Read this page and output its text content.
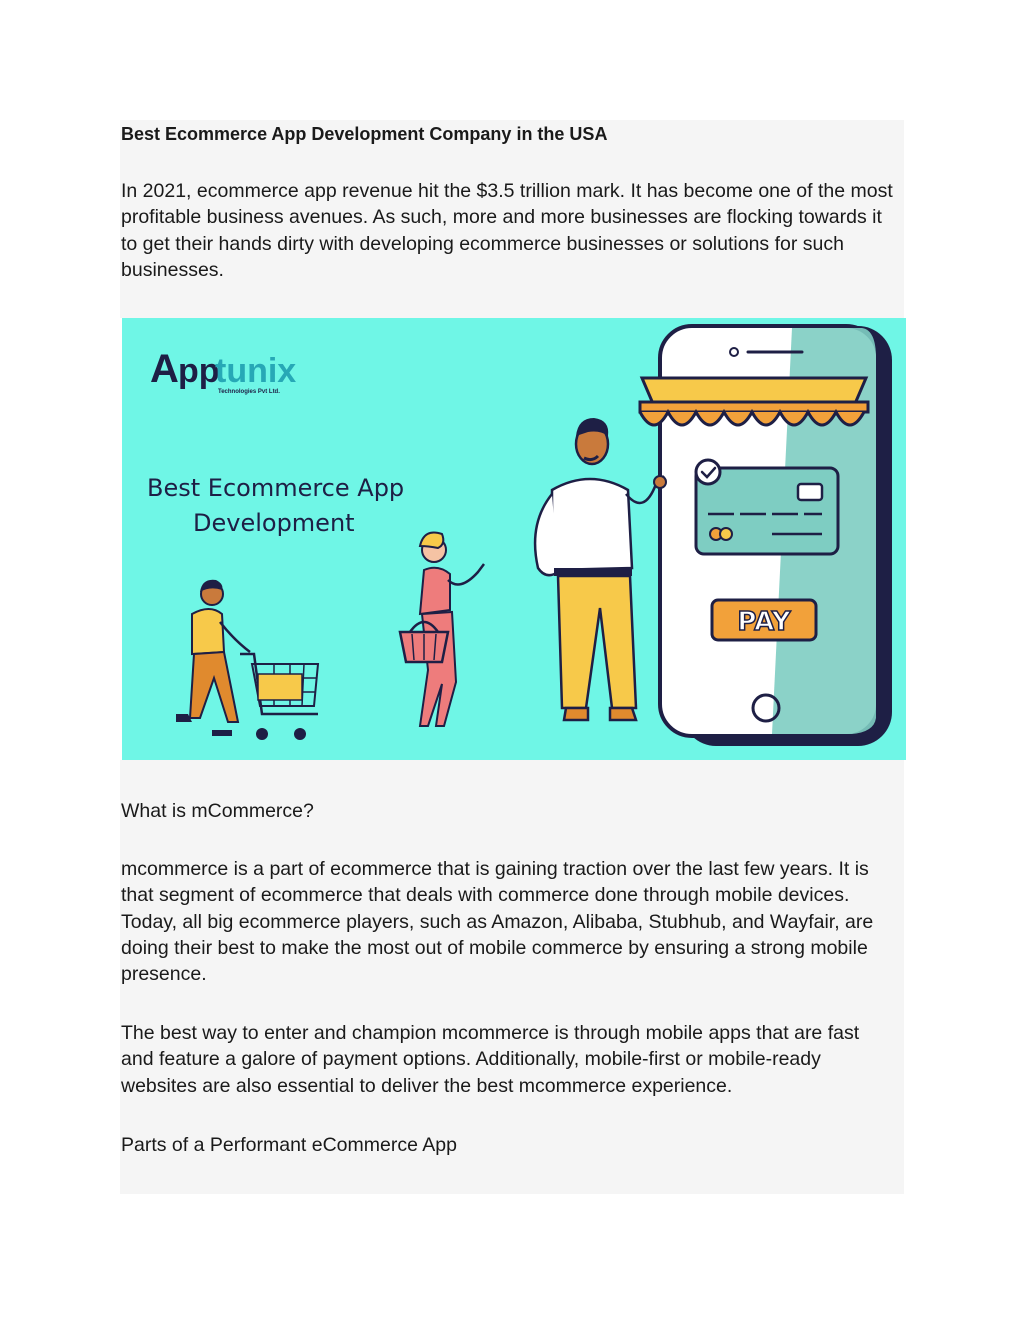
Best Ecommerce App Development Company in the USA

In 2021, ecommerce app revenue hit the $3.5 trillion mark. It has become one of the most profitable business avenues. As such, more and more businesses are flocking towards it to get their hands dirty with developing ecommerce businesses or solutions for such businesses.

A pp
tunix
Technologies Pvt Ltd.
Best Ecommerce App
Development
PAY

What is mCommerce?

mcommerce is a part of ecommerce that is gaining traction over the last few years. It is that segment of ecommerce that deals with commerce done through mobile devices. Today, all big ecommerce players, such as Amazon, Alibaba, Stubhub, and Wayfair, are doing their best to make the most out of mobile commerce by ensuring a strong mobile presence.

The best way to enter and champion mcommerce is through mobile apps that are fast and feature a galore of payment options. Additionally, mobile-first or mobile-ready websites are also essential to deliver the best mcommerce experience.

Parts of a Performant eCommerce App
